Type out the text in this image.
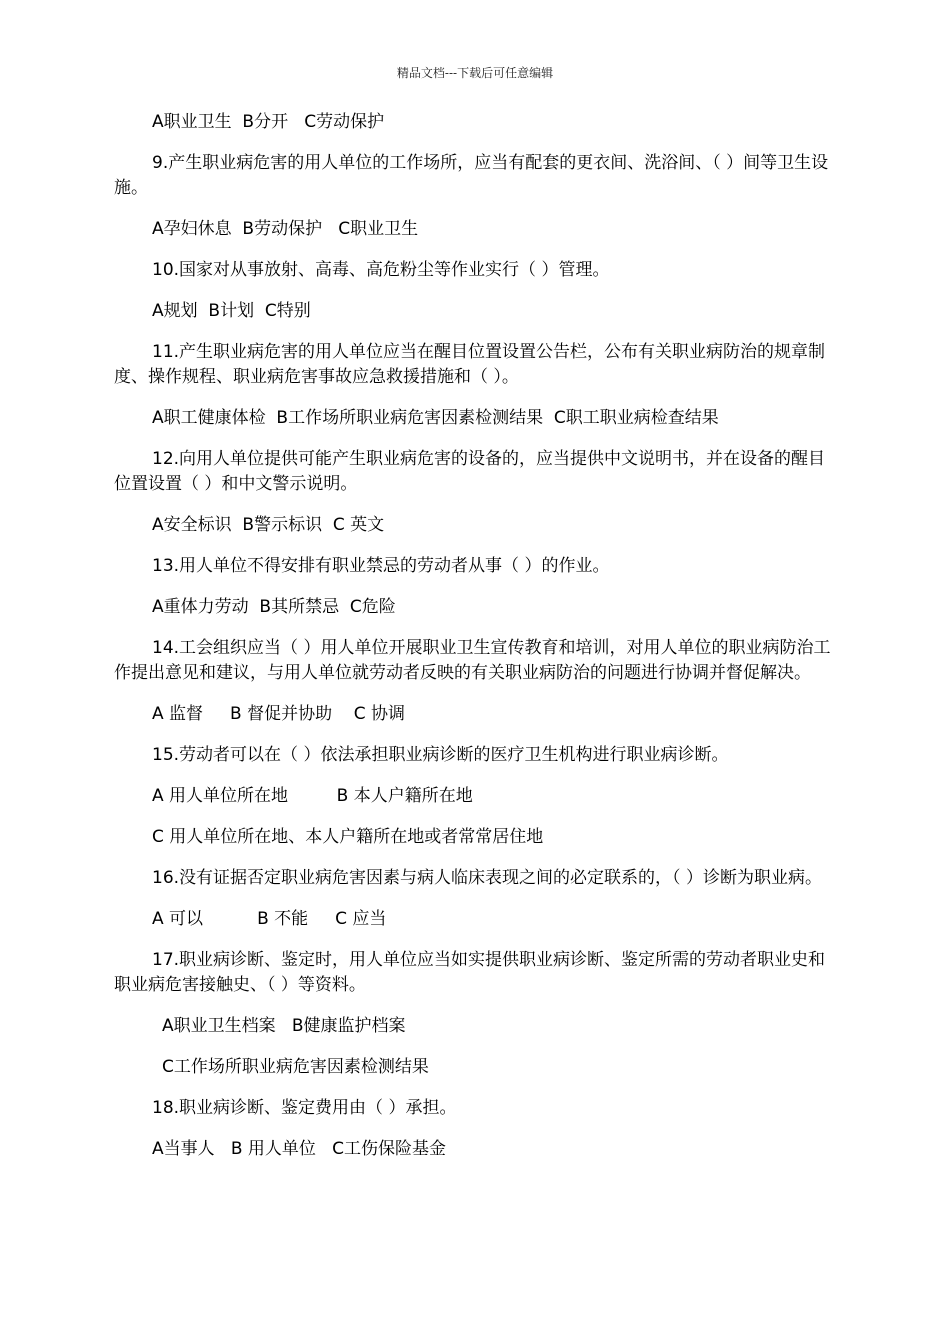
精品文档---下载后可任意编辑

A职业卫生  B分开   C劳动保护

9.产生职业病危害的用人单位的工作场所，应当有配套的更衣间、洗浴间、（ ）间等卫生设施。

A孕妇休息  B劳动保护   C职业卫生

10.国家对从事放射、高毒、高危粉尘等作业实行（ ）管理。

A规划  B计划  C特别

11.产生职业病危害的用人单位应当在醒目位置设置公告栏，公布有关职业病防治的规章制度、操作规程、职业病危害事故应急救援措施和（ ）。

A职工健康体检  B工作场所职业病危害因素检测结果  C职工职业病检查结果

12.向用人单位提供可能产生职业病危害的设备的，应当提供中文说明书，并在设备的醒目位置设置（ ）和中文警示说明。

A安全标识  B警示标识  C 英文

13.用人单位不得安排有职业禁忌的劳动者从事（ ）的作业。

A重体力劳动  B其所禁忌  C危险

14.工会组织应当（ ）用人单位开展职业卫生宣传教育和培训，对用人单位的职业病防治工作提出意见和建议，与用人单位就劳动者反映的有关职业病防治的问题进行协调并督促解决。

A 监督     B 督促并协助    C 协调

15.劳动者可以在（ ）依法承担职业病诊断的医疗卫生机构进行职业病诊断。

A 用人单位所在地         B 本人户籍所在地

C 用人单位所在地、本人户籍所在地或者常常居住地

16.没有证据否定职业病危害因素与病人临床表现之间的必定联系的，（ ）诊断为职业病。

A 可以          B 不能     C 应当

17.职业病诊断、鉴定时，用人单位应当如实提供职业病诊断、鉴定所需的劳动者职业史和职业病危害接触史、（ ）等资料。

A职业卫生档案   B健康监护档案

C工作场所职业病危害因素检测结果

18.职业病诊断、鉴定费用由（ ）承担。

A当事人   B 用人单位   C工伤保险基金
